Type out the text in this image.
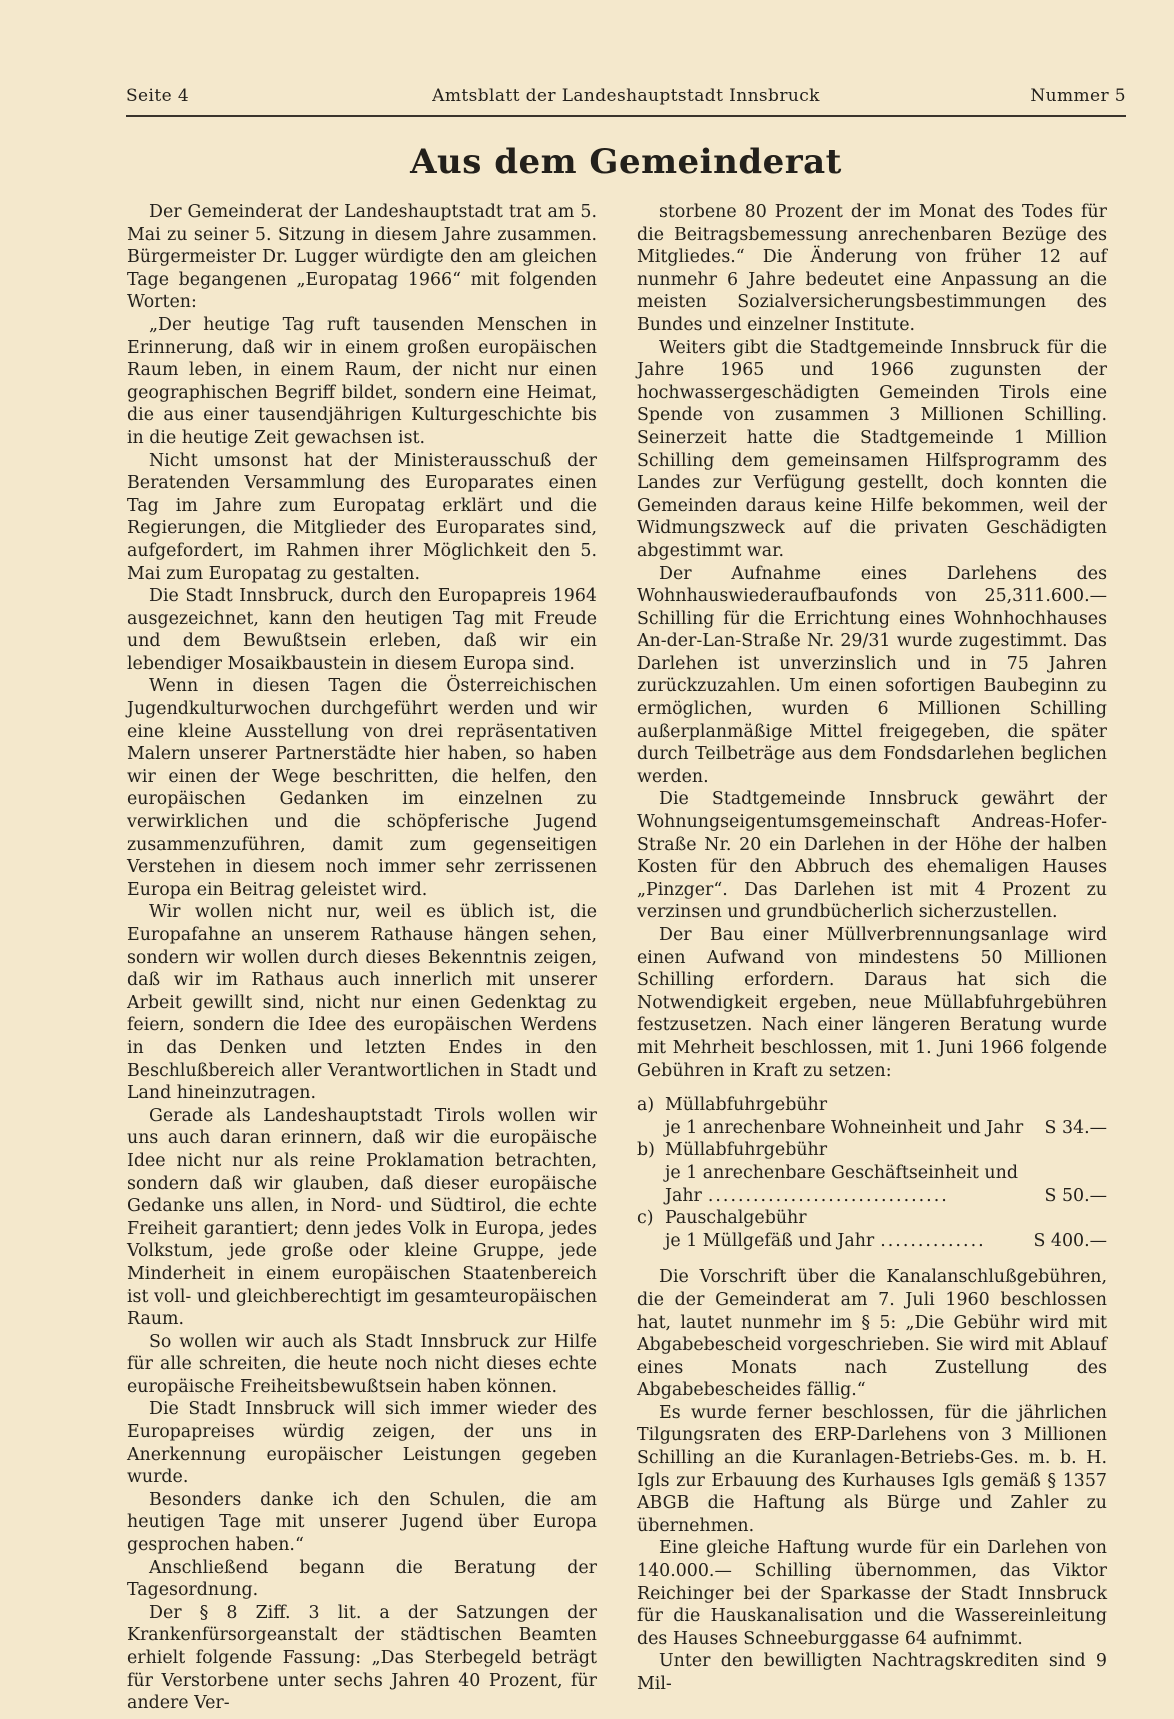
Seite 4	Amtsblatt der Landeshauptstadt Innsbruck	Nummer 5
Aus dem Gemeinderat

Der Gemeinderat der Landeshauptstadt trat am 5. Mai zu seiner 5. Sitzung in diesem Jahre zusammen. Bürgermeister Dr. Lugger würdigte den am gleichen Tage begangenen „Europatag 1966“ mit folgenden Worten:

„Der heutige Tag ruft tausenden Menschen in Erinnerung, daß wir in einem großen europäischen Raum leben, in einem Raum, der nicht nur einen geographischen Begriff bildet, sondern eine Heimat, die aus einer tausendjährigen Kulturgeschichte bis in die heutige Zeit gewachsen ist.

Nicht umsonst hat der Ministerausschuß der Beratenden Versammlung des Europarates einen Tag im Jahre zum Europatag erklärt und die Regierungen, die Mitglieder des Europarates sind, aufgefordert, im Rahmen ihrer Möglichkeit den 5. Mai zum Europatag zu gestalten.

Die Stadt Innsbruck, durch den Europapreis 1964 ausgezeichnet, kann den heutigen Tag mit Freude und dem Bewußtsein erleben, daß wir ein lebendiger Mosaikbaustein in diesem Europa sind.

Wenn in diesen Tagen die Österreichischen Jugendkulturwochen durchgeführt werden und wir eine kleine Ausstellung von drei repräsentativen Malern unserer Partnerstädte hier haben, so haben wir einen der Wege beschritten, die helfen, den europäischen Gedanken im einzelnen zu verwirklichen und die schöpferische Jugend zusammenzuführen, damit zum gegenseitigen Verstehen in diesem noch immer sehr zerrissenen Europa ein Beitrag geleistet wird.

Wir wollen nicht nur, weil es üblich ist, die Europafahne an unserem Rathause hängen sehen, sondern wir wollen durch dieses Bekenntnis zeigen, daß wir im Rathaus auch innerlich mit unserer Arbeit gewillt sind, nicht nur einen Gedenktag zu feiern, sondern die Idee des europäischen Werdens in das Denken und letzten Endes in den Beschlußbereich aller Verantwortlichen in Stadt und Land hineinzutragen.

Gerade als Landeshauptstadt Tirols wollen wir uns auch daran erinnern, daß wir die europäische Idee nicht nur als reine Proklamation betrachten, sondern daß wir glauben, daß dieser europäische Gedanke uns allen, in Nord- und Südtirol, die echte Freiheit garantiert; denn jedes Volk in Europa, jedes Volkstum, jede große oder kleine Gruppe, jede Minderheit in einem europäischen Staatenbereich ist voll- und gleichberechtigt im gesamteuropäischen Raum.

So wollen wir auch als Stadt Innsbruck zur Hilfe für alle schreiten, die heute noch nicht dieses echte europäische Freiheitsbewußtsein haben können.

Die Stadt Innsbruck will sich immer wieder des Europapreises würdig zeigen, der uns in Anerkennung europäischer Leistungen gegeben wurde.

Besonders danke ich den Schulen, die am heutigen Tage mit unserer Jugend über Europa gesprochen haben.“

Anschließend begann die Beratung der Tagesordnung.

Der § 8 Ziff. 3 lit. a der Satzungen der Krankenfürsorgeanstalt der städtischen Beamten erhielt folgende Fassung: „Das Sterbegeld beträgt für Verstorbene unter sechs Jahren 40 Prozent, für andere Ver-

storbene 80 Prozent der im Monat des Todes für die Beitragsbemessung anrechenbaren Bezüge des Mitgliedes.“ Die Änderung von früher 12 auf nunmehr 6 Jahre bedeutet eine Anpassung an die meisten Sozialversicherungsbestimmungen des Bundes und einzelner Institute.

Weiters gibt die Stadtgemeinde Innsbruck für die Jahre 1965 und 1966 zugunsten der hochwassergeschädigten Gemeinden Tirols eine Spende von zusammen 3 Millionen Schilling. Seinerzeit hatte die Stadtgemeinde 1 Million Schilling dem gemeinsamen Hilfsprogramm des Landes zur Verfügung gestellt, doch konnten die Gemeinden daraus keine Hilfe bekommen, weil der Widmungszweck auf die privaten Geschädigten abgestimmt war.

Der Aufnahme eines Darlehens des Wohnhauswiederaufbaufonds von 25,311.600.— Schilling für die Errichtung eines Wohnhochhauses An-der-Lan-Straße Nr. 29/31 wurde zugestimmt. Das Darlehen ist unverzinslich und in 75 Jahren zurückzuzahlen. Um einen sofortigen Baubeginn zu ermöglichen, wurden 6 Millionen Schilling außerplanmäßige Mittel freigegeben, die später durch Teilbeträge aus dem Fondsdarlehen beglichen werden.

Die Stadtgemeinde Innsbruck gewährt der Wohnungseigentumsgemeinschaft Andreas-Hofer-Straße Nr. 20 ein Darlehen in der Höhe der halben Kosten für den Abbruch des ehemaligen Hauses „Pinzger“. Das Darlehen ist mit 4 Prozent zu verzinsen und grundbücherlich sicherzustellen.

Der Bau einer Müllverbrennungsanlage wird einen Aufwand von mindestens 50 Millionen Schilling erfordern. Daraus hat sich die Notwendigkeit ergeben, neue Müllabfuhrgebühren festzusetzen. Nach einer längeren Beratung wurde mit Mehrheit beschlossen, mit 1. Juni 1966 folgende Gebühren in Kraft zu setzen:

a) Müllabfuhrgebühr
je 1 anrechenbare Wohneinheit und Jahr S 34.—
b) Müllabfuhrgebühr
je 1 anrechenbare Geschäftseinheit und
Jahr ................................	S 50.—
c) Pauschalgebühr
je 1 Müllgefäß und Jahr ..............	S 400.—

Die Vorschrift über die Kanalanschlußgebühren, die der Gemeinderat am 7. Juli 1960 beschlossen hat, lautet nunmehr im § 5: „Die Gebühr wird mit Abgabebescheid vorgeschrieben. Sie wird mit Ablauf eines Monats nach Zustellung des Abgabebescheides fällig.“

Es wurde ferner beschlossen, für die jährlichen Tilgungsraten des ERP-Darlehens von 3 Millionen Schilling an die Kuranlagen-Betriebs-Ges. m. b. H. Igls zur Erbauung des Kurhauses Igls gemäß § 1357 ABGB die Haftung als Bürge und Zahler zu übernehmen.

Eine gleiche Haftung wurde für ein Darlehen von 140.000.— Schilling übernommen, das Viktor Reichinger bei der Sparkasse der Stadt Innsbruck für die Hauskanalisation und die Wassereinleitung des Hauses Schneeburggasse 64 aufnimmt.

Unter den bewilligten Nachtragskrediten sind 9 Mil-
